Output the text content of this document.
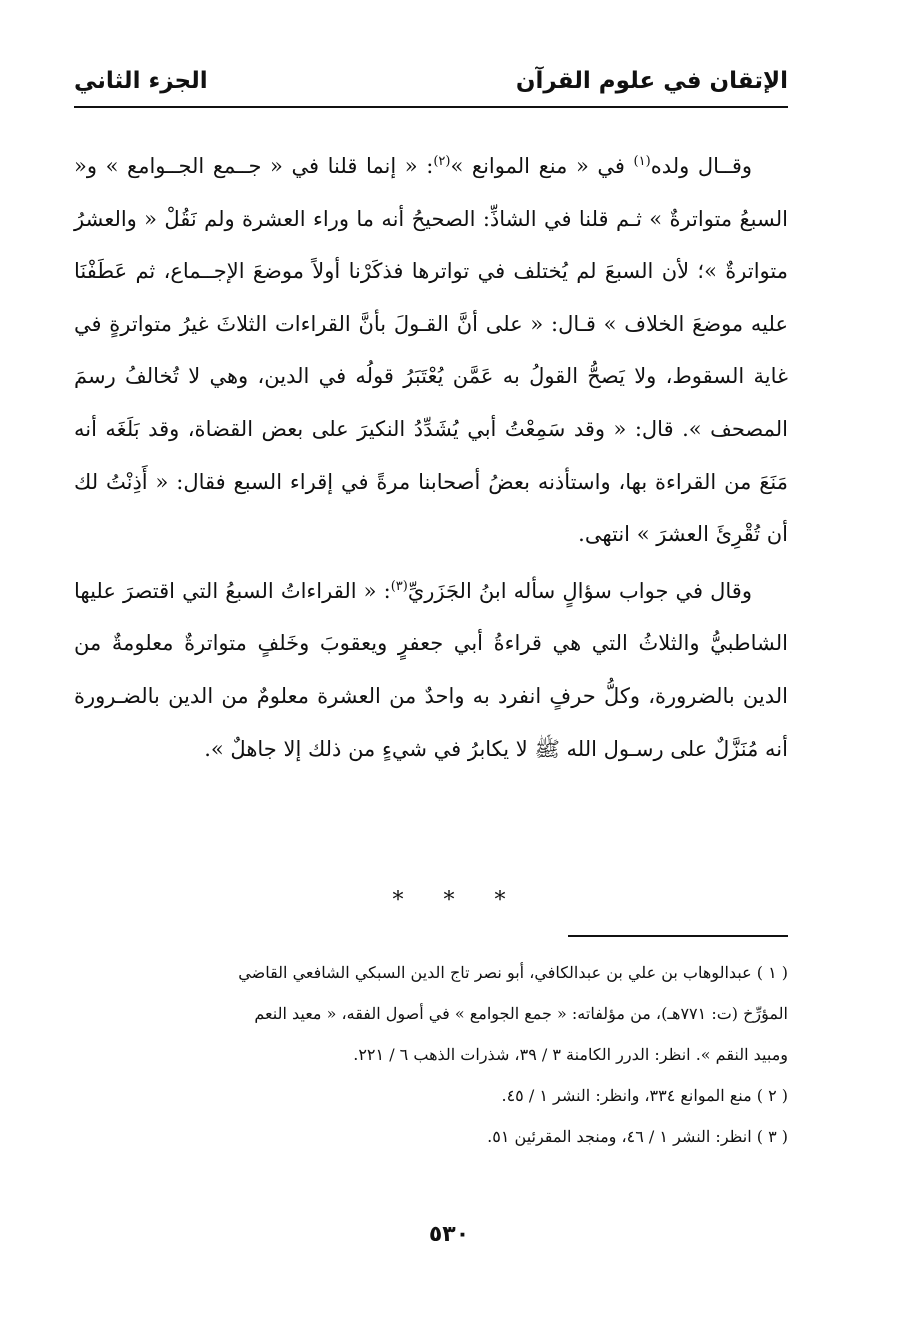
الإتقان في علوم القرآن
الجزء الثاني

وقــال ولده$^{(١)}$ في « منع الموانع »$^{(٢)}$: « إنما قلنا في « جــمع الجــوامع » و« السبعُ متواترةٌ » ثـم قلنا في الشاذِّ: الصحيحُ أنه ما وراء العشرة ولم نَقُلْ « والعشرُ متواترةٌ »؛ لأن السبعَ لم يُختلف في تواترها فذكَرْنا أولاً موضعَ الإجــماع، ثم عَطَفْنَا عليه موضعَ الخلاف » قـال: « على أنَّ القـولَ بأنَّ القراءات الثلاثَ غيرُ متواترةٍ في غاية السقوط، ولا يَصحُّ القولُ به عَمَّن يُعْتَبَرُ قولُه في الدين، وهي لا تُخالفُ رسمَ المصحف ». قال: « وقد سَمِعْتُ أبي يُشَدِّدُ النكيرَ على بعض القضاة، وقد بَلَغَه أنه مَنَعَ من القراءة بها، واستأذنه بعضُ أصحابنا مرةً في إقراء السبع فقال: « أَذِنْتُ لك أن تُقْرِئَ العشرَ » انتهى.

وقال في جواب سؤالٍ سأله ابنُ الجَزَريِّ$^{(٣)}$: « القراءاتُ السبعُ التي اقتصرَ عليها الشاطبيُّ والثلاثُ التي هي قراءةُ أبي جعفرٍ ويعقوبَ وخَلفٍ متواترةٌ معلومةٌ من الدين بالضرورة، وكلُّ حرفٍ انفرد به واحدٌ من العشرة معلومٌ من الدين بالضـرورة أنه مُنَزَّلٌ على رسـول الله ﷺ لا يكابرُ في شيءٍ من ذلك إلا جاهلٌ ».

* * *

( ١ ) عبدالوهاب بن علي بن عبدالكافي، أبو نصر تاج الدين السبكي الشافعي القاضي

المؤرِّخ (ت: ٧٧١هـ)، من مؤلفاته: « جمع الجوامع » في أصول الفقه، « معيد النعم

ومبيد النقم ». انظر: الدرر الكامنة ٣ / ٣٩، شذرات الذهب ٦ / ٢٢١.

( ٢ ) منع الموانع ٣٣٤، وانظر: النشر ١ / ٤٥.

( ٣ ) انظر: النشر ١ / ٤٦، ومنجد المقرئين ٥١.

٥٣٠
